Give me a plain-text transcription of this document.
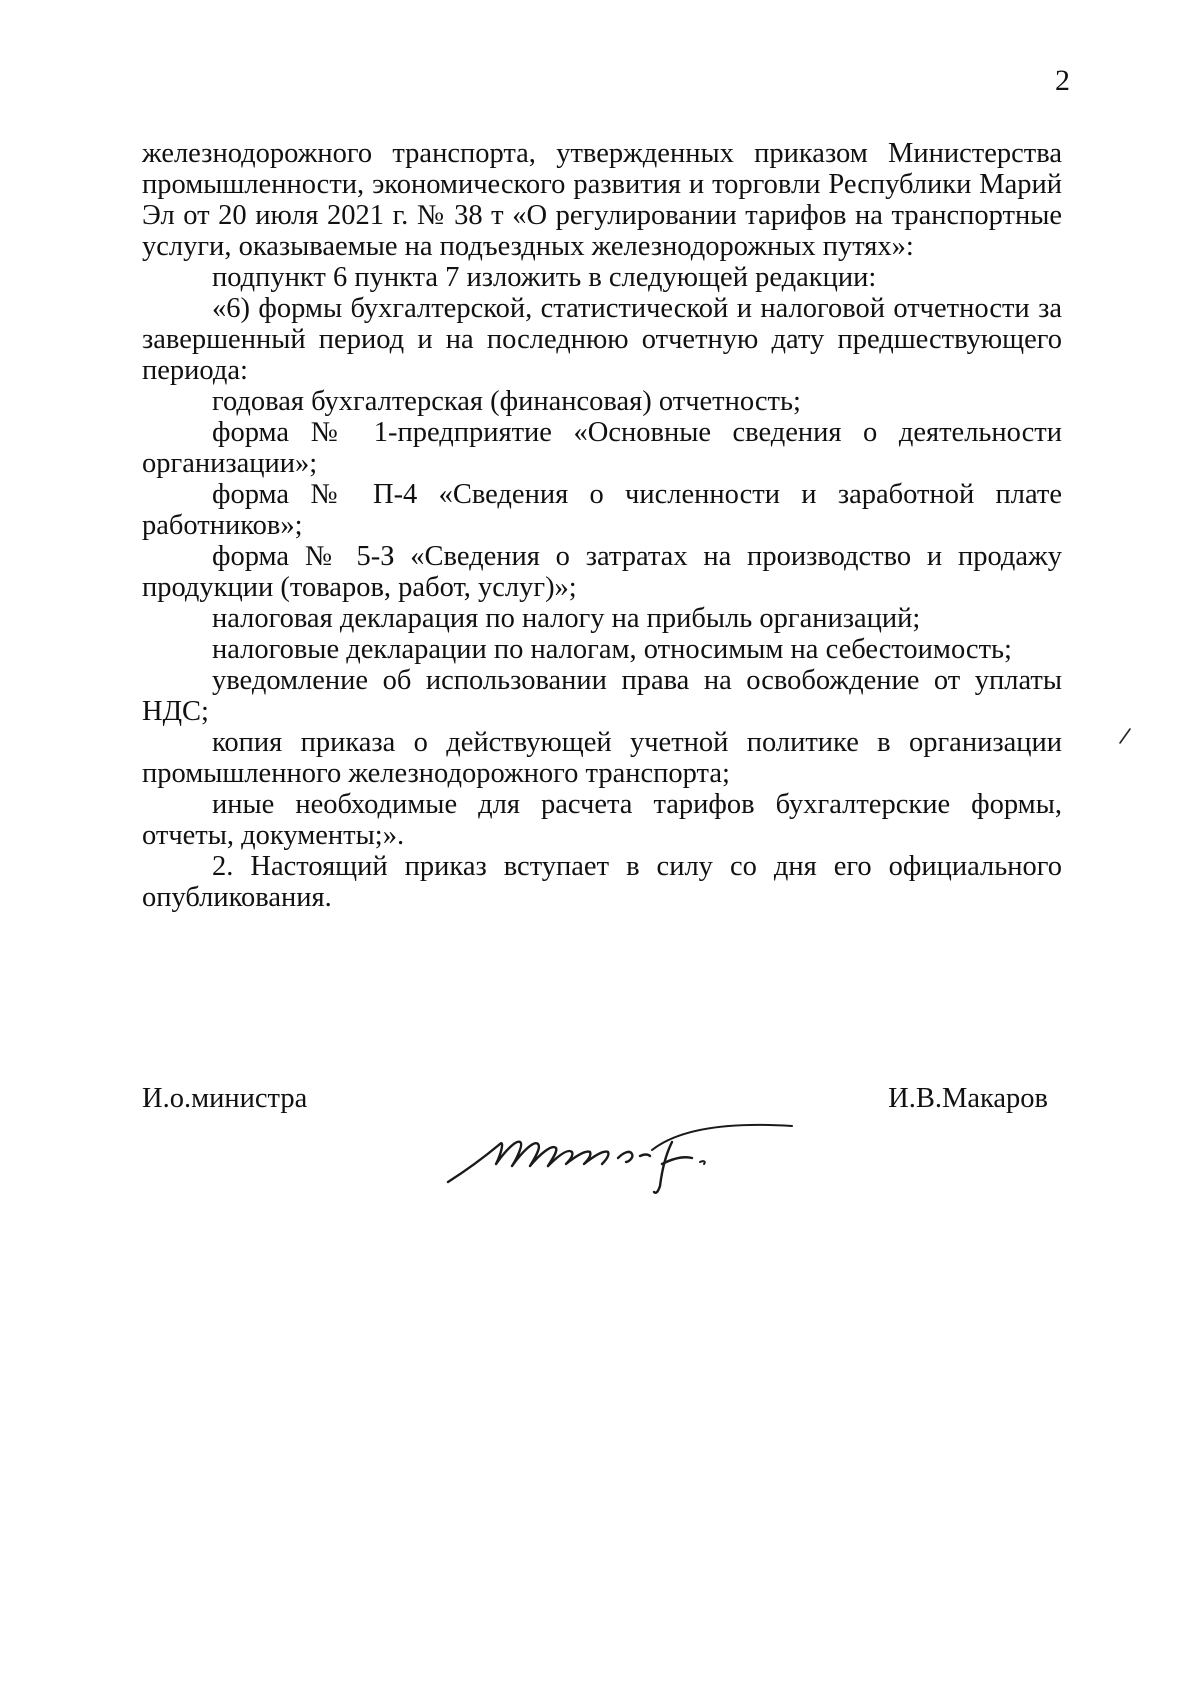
2

железнодорожного транспорта, утвержденных приказом Министерства промышленности, экономического развития и торговли Республики Марий Эл от 20 июля 2021 г. № 38 т «О регулировании тарифов на транспортные услуги, оказываемые на подъездных железнодорожных путях»:

подпункт 6 пункта 7 изложить в следующей редакции:

«6) формы бухгалтерской, статистической и налоговой отчетности за завершенный период и на последнюю отчетную дату предшествующего периода:

годовая бухгалтерская (финансовая) отчетность;

форма № 1-предприятие «Основные сведения о деятельности организации»;

форма № П-4 «Сведения о численности и заработной плате работников»;

форма № 5-З «Сведения о затратах на производство и продажу продукции (товаров, работ, услуг)»;

налоговая декларация по налогу на прибыль организаций;

налоговые декларации по налогам, относимым на себестоимость;

уведомление об использовании права на освобождение от уплаты НДС;

копия приказа о действующей учетной политике в организации промышленного железнодорожного транспорта;

иные необходимые для расчета тарифов бухгалтерские формы, отчеты, документы;».

2. Настоящий приказ вступает в силу со дня его официального опубликования.

И.о.министра	И.В.Макаров
